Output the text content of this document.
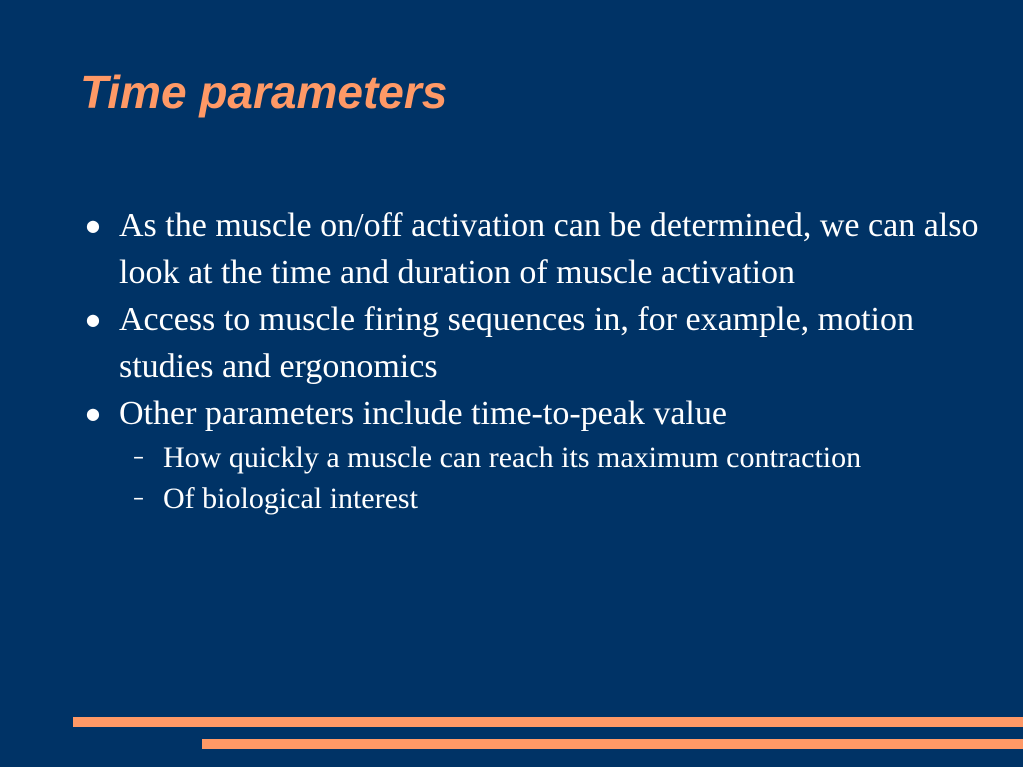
Time parameters
● As the muscle on/off activation can be determined, we can also look at the time and duration of muscle activation
● Access to muscle firing sequences in, for example, motion studies and ergonomics
● Other parameters include time-to-peak value
– How quickly a muscle can reach its maximum contraction
– Of biological interest
